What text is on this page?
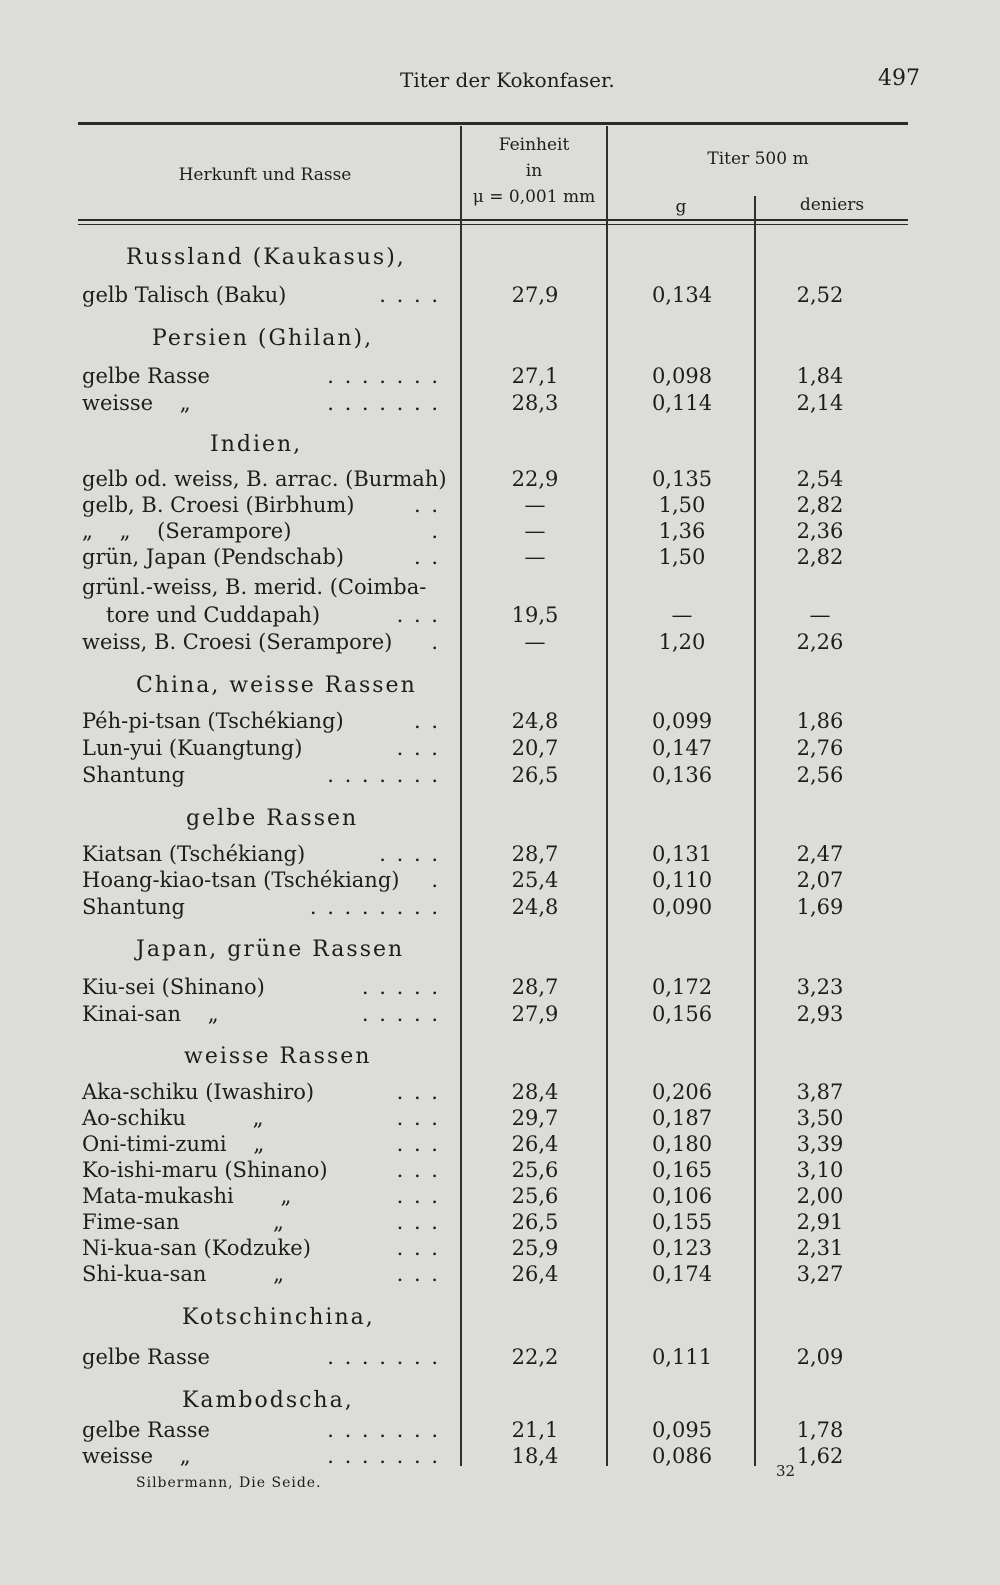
Titer der Kokonfaser.	497
Herkunft und Rasse
Feinheit
in
μ = 0,001 mm
Titer 500 m
g	deniers
Russland (Kaukasus),
gelb Talisch (Baku)	. . . .	27,9	0,134	2,52
Persien (Ghilan),
gelbe Rasse	. . . . . . .	27,1	0,098	1,84
weisse    „	. . . . . . .	28,3	0,114	2,14
Indien,
gelb od. weiss, B. arrac. (Burmah)	22,9	0,135	2,54
gelb, B. Croesi (Birbhum)	. .	—	1,50	2,82
„    „    (Serampore)	.	—	1,36	2,36
grün, Japan (Pendschab)	. .	—	1,50	2,82
grünl.-weiss, B. merid. (Coimba-
tore und Cuddapah)	. . .	19,5	—	—
weiss, B. Croesi (Serampore) .	—	1,20	2,26
China, weisse Rassen
Péh-pi-tsan (Tschékiang)	. .	24,8	0,099	1,86
Lun-yui (Kuangtung)	. . .	20,7	0,147	2,76
Shantung	. . . . . . .	26,5	0,136	2,56
gelbe Rassen
Kiatsan (Tschékiang)	. . . .	28,7	0,131	2,47
Hoang-kiao-tsan (Tschékiang) .	25,4	0,110	2,07
Shantung	. . . . . . . .	24,8	0,090	1,69
Japan, grüne Rassen
Kiu-sei (Shinano)	. . . . .	28,7	0,172	3,23
Kinai-san    „	. . . . .	27,9	0,156	2,93
weisse Rassen
Aka-schiku (Iwashiro)	. . .	28,4	0,206	3,87
Ao-schiku          „	. . .	29,7	0,187	3,50
Oni-timi-zumi    „	. . .	26,4	0,180	3,39
Ko-ishi-maru (Shinano)	. . .	25,6	0,165	3,10
Mata-mukashi       „	. . .	25,6	0,106	2,00
Fime-san              „	. . .	26,5	0,155	2,91
Ni-kua-san (Kodzuke)	. . .	25,9	0,123	2,31
Shi-kua-san          „	. . .	26,4	0,174	3,27
Kotschinchina,
gelbe Rasse	. . . . . . .	22,2	0,111	2,09
Kambodscha,
gelbe Rasse	. . . . . . .	21,1	0,095	1,78
weisse    „	. . . . . . .	18,4	0,086	1,62
Silbermann, Die Seide.
32
